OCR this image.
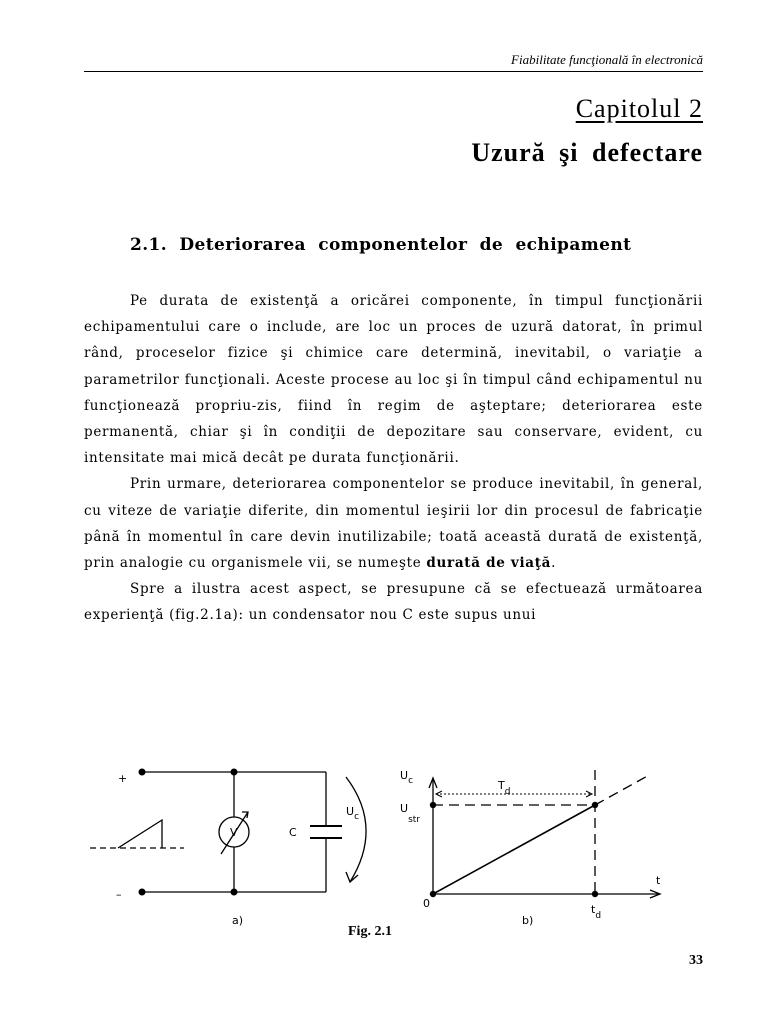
Fiabilitate funcţională în electronică
Capitolul 2
Uzură şi defectare
2.1. Deteriorarea componentelor de echipament

Pe durata de existenţă a oricărei componente, în timpul funcţionării echipamentului care o include, are loc un proces de uzură datorat, în primul rând, proceselor fizice şi chimice care determină, inevitabil, o variaţie a parametrilor funcţionali. Aceste procese au loc şi în timpul când echipamentul nu funcţionează propriu-zis, fiind în regim de aşteptare; deteriorarea este permanentă, chiar şi în condiţii de depozitare sau conservare, evident, cu intensitate mai mică decât pe durata funcţionării.

Prin urmare, deteriorarea componentelor se produce inevitabil, în general, cu viteze de variaţie diferite, din momentul ieşirii lor din procesul de fabricaţie până în momentul în care devin inutilizabile; toată această durată de existenţă, prin analogie cu organismele vii, se numeşte durată de viaţă.

Spre a ilustra acest aspect, se presupune că se efectuează următoarea experienţă (fig.2.1a): un condensator nou C este supus unui

+
–
V	C
$U_c$
a)
$U_c$
$U_{str}$
$T_d$
t
0	$t_d$
b)
Fig. 2.1
33
